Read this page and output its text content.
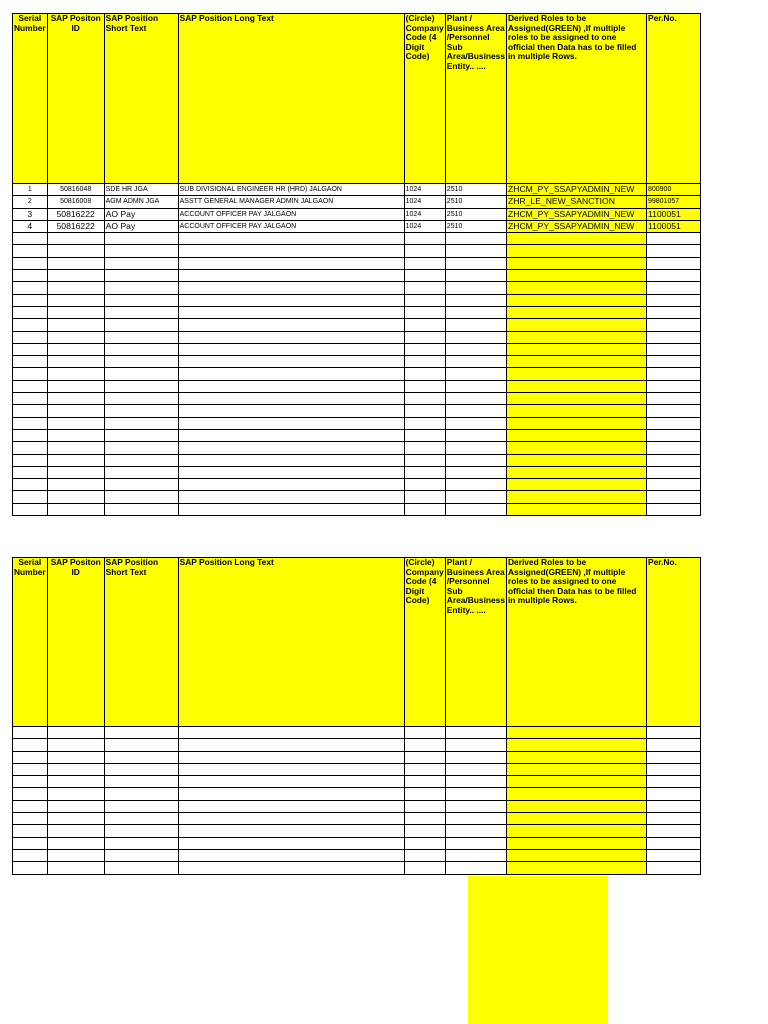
Serial Number	SAP Positon ID	SAP Position Short Text	SAP Position Long Text	(Circle) Company Code (4 Digit Code)	Plant / Business Area /Personnel Sub Area/Business Entity.. ....	Derived Roles to be Assigned(GREEN) ,If multiple roles to be assigned to one official then Data has to be filled in multiple Rows.	Per.No.
1	50816048	SDE HR JGA	SUB DIVISIONAL ENGINEER HR (HRD) JALGAON	1024	2510	ZHCM_PY_SSAPYADMIN_NEW	800900
2	50816008	AGM ADMN JGA	ASSTT GENERAL MANAGER ADMIN JALGAON	1024	2510	ZHR_LE_NEW_SANCTION	99801057
3	50816222	AO Pay	ACCOUNT OFFICER PAY JALGAON	1024	2510	ZHCM_PY_SSAPYADMIN_NEW	1100051
4	50816222	AO Pay	ACCOUNT OFFICER PAY JALGAON	1024	2510	ZHCM_PY_SSAPYADMIN_NEW	1100051

Serial Number	SAP Positon ID	SAP Position Short Text	SAP Position Long Text	(Circle) Company Code (4 Digit Code)	Plant / Business Area /Personnel Sub Area/Business Entity.. ....	Derived Roles to be Assigned(GREEN) ,If multiple roles to be assigned to one official then Data has to be filled in multiple Rows.	Per.No.
